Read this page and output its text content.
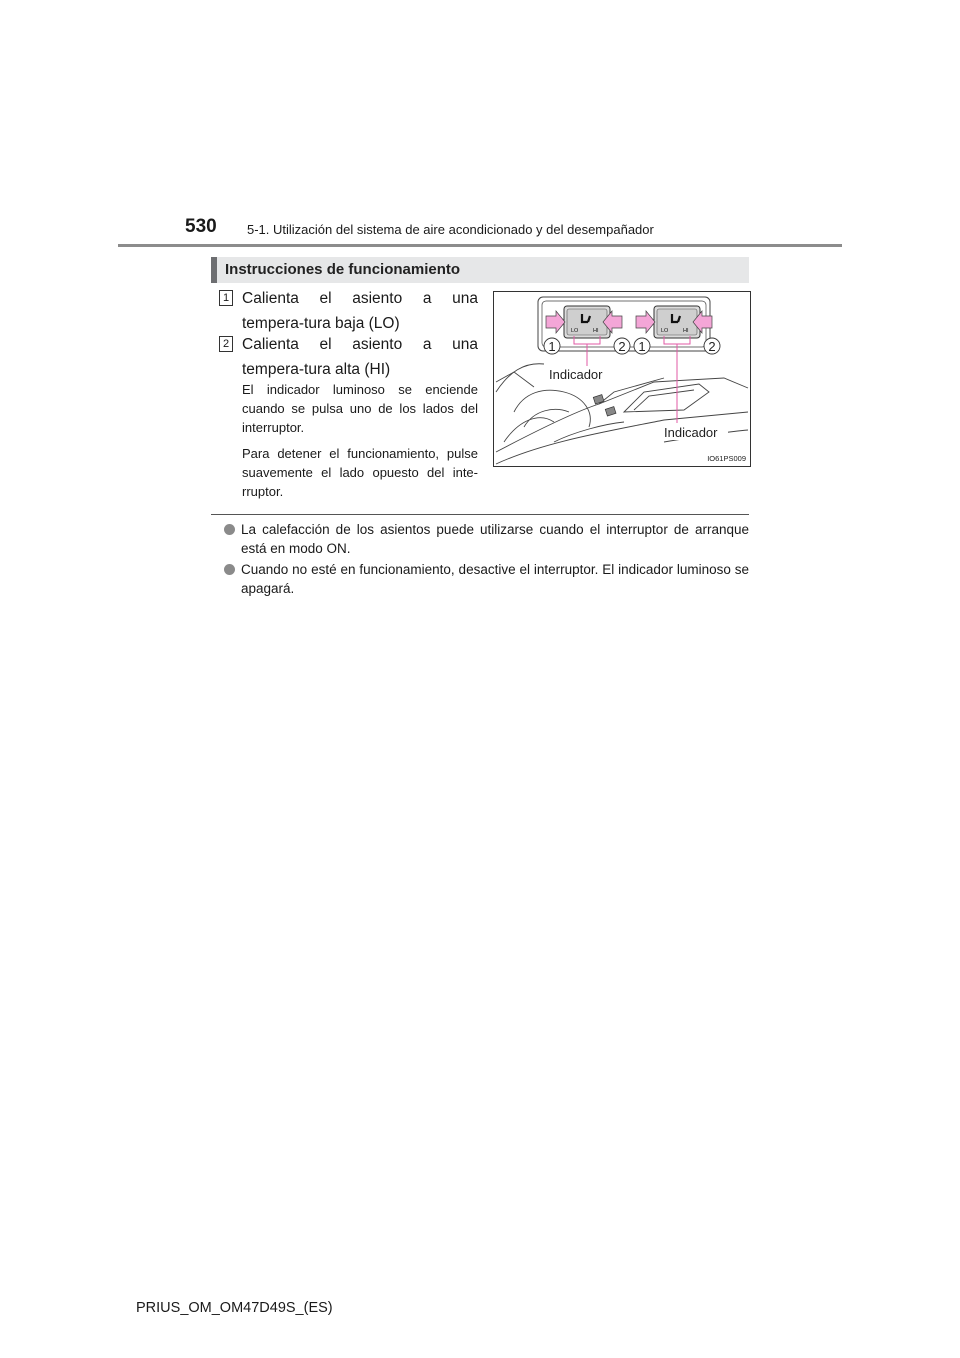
530 5-1. Utilización del sistema de aire acondicionado y del desempañador
Instrucciones de funcionamiento
1 Calienta el asiento a una tempera-tura baja (LO)
2 Calienta el asiento a una tempera-tura alta (HI)
El indicador luminoso se enciende cuando se pulsa uno de los lados del interruptor.
Para detener el funcionamiento, pulse suavemente el lado opuesto del inte-rruptor.
LO	HI	LO	HI
1	2 1	2
Indicador
Indicador
IO61PS009
La calefacción de los asientos puede utilizarse cuando el interruptor de arranque está en modo ON.
Cuando no esté en funcionamiento, desactive el interruptor. El indicador luminoso se apagará.
PRIUS_OM_OM47D49S_(ES)
